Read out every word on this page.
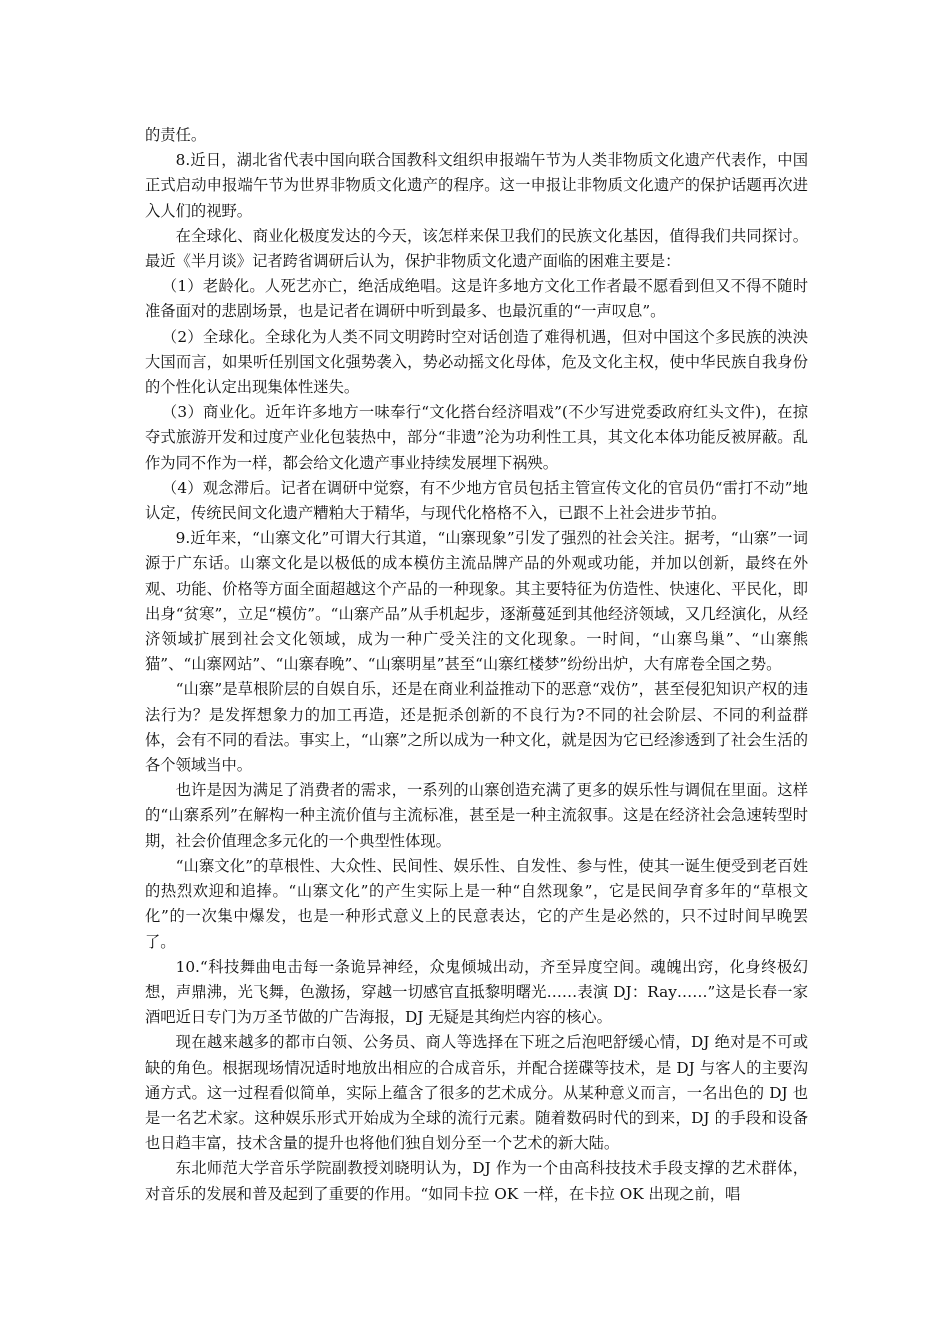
的责任。

8.近日，湖北省代表中国向联合国教科文组织申报端午节为人类非物质文化遗产代表作，中国正式启动申报端午节为世界非物质文化遗产的程序。这一申报让非物质文化遗产的保护话题再次进入人们的视野。

在全球化、商业化极度发达的今天，该怎样来保卫我们的民族文化基因，值得我们共同探讨。最近《半月谈》记者跨省调研后认为，保护非物质文化遗产面临的困难主要是：

（1）老龄化。人死艺亦亡，绝活成绝唱。这是许多地方文化工作者最不愿看到但又不得不随时准备面对的悲剧场景，也是记者在调研中听到最多、也最沉重的“一声叹息”。

（2）全球化。全球化为人类不同文明跨时空对话创造了难得机遇，但对中国这个多民族的泱泱大国而言，如果听任别国文化强势袭入，势必动摇文化母体，危及文化主权，使中华民族自我身份的个性化认定出现集体性迷失。

（3）商业化。近年许多地方一味奉行“文化搭台经济唱戏”(不少写进党委政府红头文件)，在掠夺式旅游开发和过度产业化包装热中，部分“非遗”沦为功利性工具，其文化本体功能反被屏蔽。乱作为同不作为一样，都会给文化遗产事业持续发展埋下祸殃。

（4）观念滞后。记者在调研中觉察，有不少地方官员包括主管宣传文化的官员仍“雷打不动”地认定，传统民间文化遗产糟粕大于精华，与现代化格格不入，已跟不上社会进步节拍。

9.近年来，“山寨文化”可谓大行其道，“山寨现象”引发了强烈的社会关注。据考，“山寨”一词源于广东话。山寨文化是以极低的成本模仿主流品牌产品的外观或功能，并加以创新，最终在外观、功能、价格等方面全面超越这个产品的一种现象。其主要特征为仿造性、快速化、平民化，即出身“贫寒”，立足“模仿”。“山寨产品”从手机起步，逐渐蔓延到其他经济领域，又几经演化，从经济领域扩展到社会文化领域，成为一种广受关注的文化现象。一时间，“山寨鸟巢”、“山寨熊猫”、“山寨网站”、“山寨春晚”、“山寨明星”甚至“山寨红楼梦”纷纷出炉，大有席卷全国之势。

“山寨”是草根阶层的自娱自乐，还是在商业利益推动下的恶意“戏仿”，甚至侵犯知识产权的违法行为？是发挥想象力的加工再造，还是扼杀创新的不良行为?不同的社会阶层、不同的利益群体，会有不同的看法。事实上，“山寨”之所以成为一种文化，就是因为它已经渗透到了社会生活的各个领域当中。

也许是因为满足了消费者的需求，一系列的山寨创造充满了更多的娱乐性与调侃在里面。这样的“山寨系列”在解构一种主流价值与主流标准，甚至是一种主流叙事。这是在经济社会急速转型时期，社会价值理念多元化的一个典型性体现。

“山寨文化”的草根性、大众性、民间性、娱乐性、自发性、参与性，使其一诞生便受到老百姓的热烈欢迎和追捧。“山寨文化”的产生实际上是一种“自然现象”，它是民间孕育多年的“草根文化”的一次集中爆发，也是一种形式意义上的民意表达，它的产生是必然的，只不过时间早晚罢了。

10.“科技舞曲电击每一条诡异神经，众鬼倾城出动，齐至异度空间。魂魄出窍，化身终极幻想，声鼎沸，光飞舞，色激扬，穿越一切感官直抵黎明曙光……表演 DJ：Ray……”这是长春一家酒吧近日专门为万圣节做的广告海报，DJ 无疑是其绚烂内容的核心。

现在越来越多的都市白领、公务员、商人等选择在下班之后泡吧舒缓心情，DJ 绝对是不可或缺的角色。根据现场情况适时地放出相应的合成音乐，并配合搓碟等技术，是 DJ 与客人的主要沟通方式。这一过程看似简单，实际上蕴含了很多的艺术成分。从某种意义而言，一名出色的 DJ 也是一名艺术家。这种娱乐形式开始成为全球的流行元素。随着数码时代的到来，DJ 的手段和设备也日趋丰富，技术含量的提升也将他们独自划分至一个艺术的新大陆。

东北师范大学音乐学院副教授刘晓明认为，DJ 作为一个由高科技技术手段支撑的艺术群体，对音乐的发展和普及起到了重要的作用。“如同卡拉 OK 一样，在卡拉 OK 出现之前，唱
